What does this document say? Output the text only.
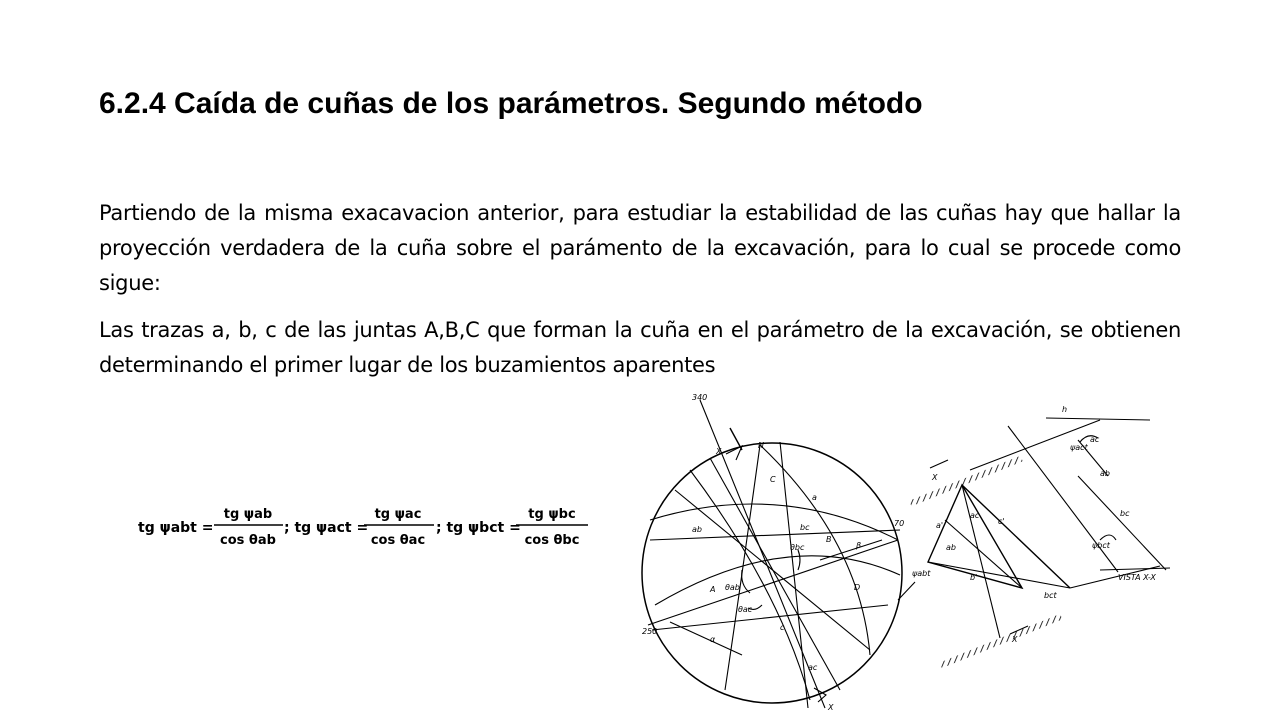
6.2.4 Caída de cuñas de los parámetros. Segundo método

Partiendo de la misma exacavacion anterior, para estudiar la estabilidad de las cuñas hay que hallar la proyección verdadera de la cuña sobre el parámento de la excavación, para lo cual se procede como sigue:

Las trazas a, b, c de las juntas A,B,C que forman la cuña en el parámetro de la excavación, se obtienen determinando el primer lugar de los buzamientos aparentes

tg ψabt =
tg ψab
cos θab
; tg ψact =
tg ψac
cos θac
; tg ψbct =
tg ψbc
cos θbc
340
N
X
70
250
C
a
ab	bc
θbc
B
β
D
θab
A
θac
α
ac
c
X
X
h
ψact
ac
ab
a'
ac
c'
ab	ψbct
bc
ψabt	b'
bct
VISTA X-X
X
